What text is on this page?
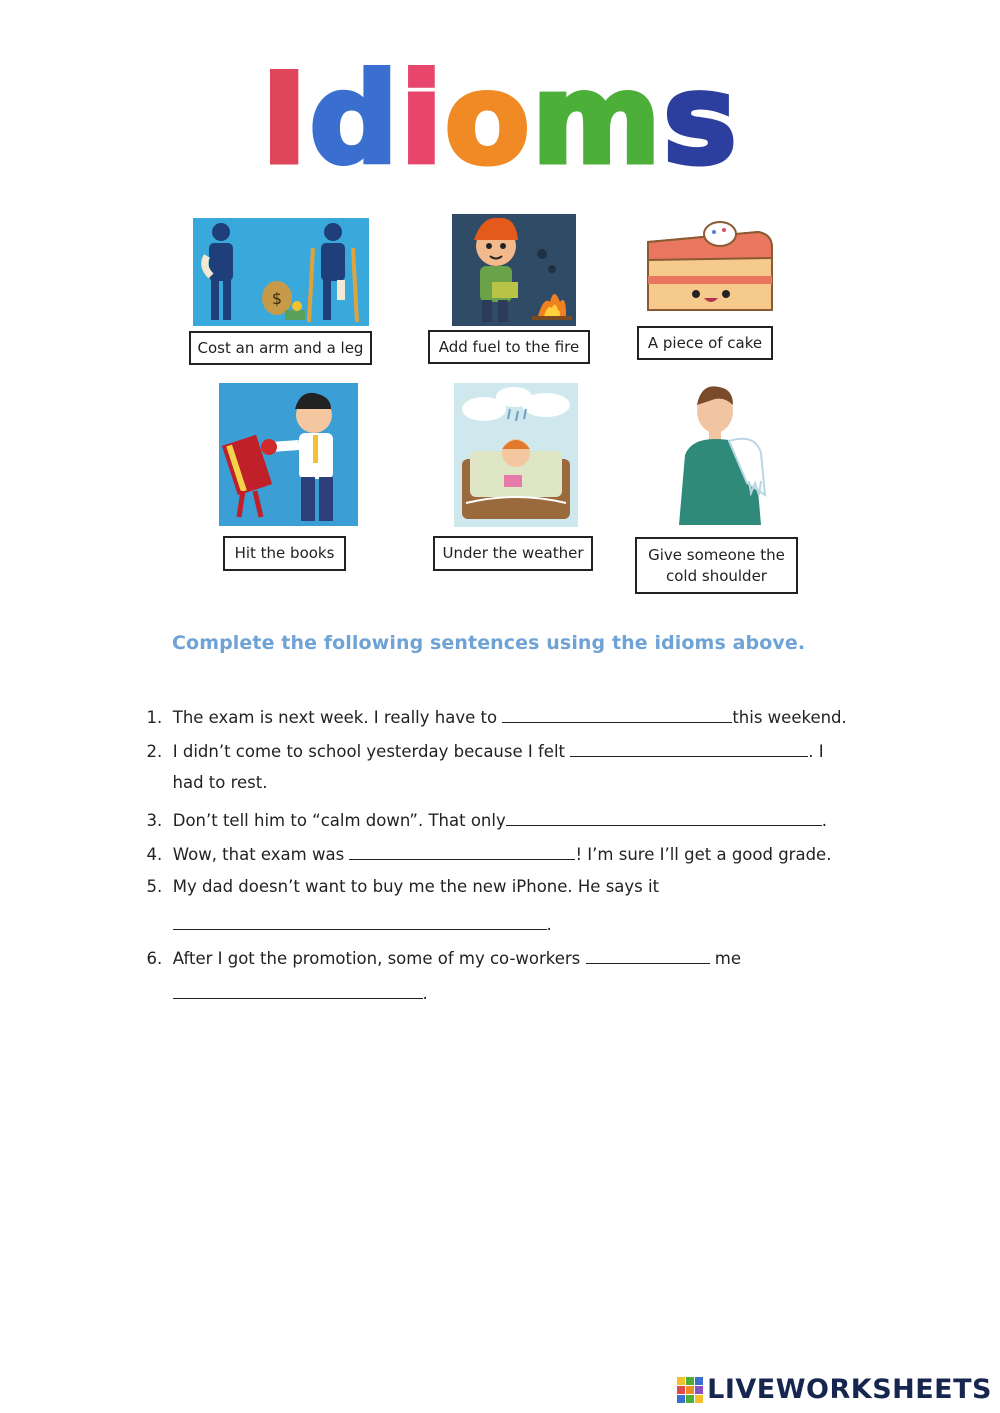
I d i o m s
$
Cost an arm and a leg	Add fuel to the fire	A piece of cake
Hit the books	Under the weather	Give someone the
cold shoulder
Complete the following sentences using the idioms above.

1. The exam is next week. I really have to	this weekend.

2. I didn’t come to school yesterday because I felt	. I

had to rest.

3. Don’t tell him to “calm down”. That only	.

4. Wow, that exam was	! I’m sure I’ll get a good grade.

5. My dad doesn’t want to buy me the new iPhone. He says it

.

6. After I got the promotion, some of my co-workers	me

.

LIVEWORKSHEETS
